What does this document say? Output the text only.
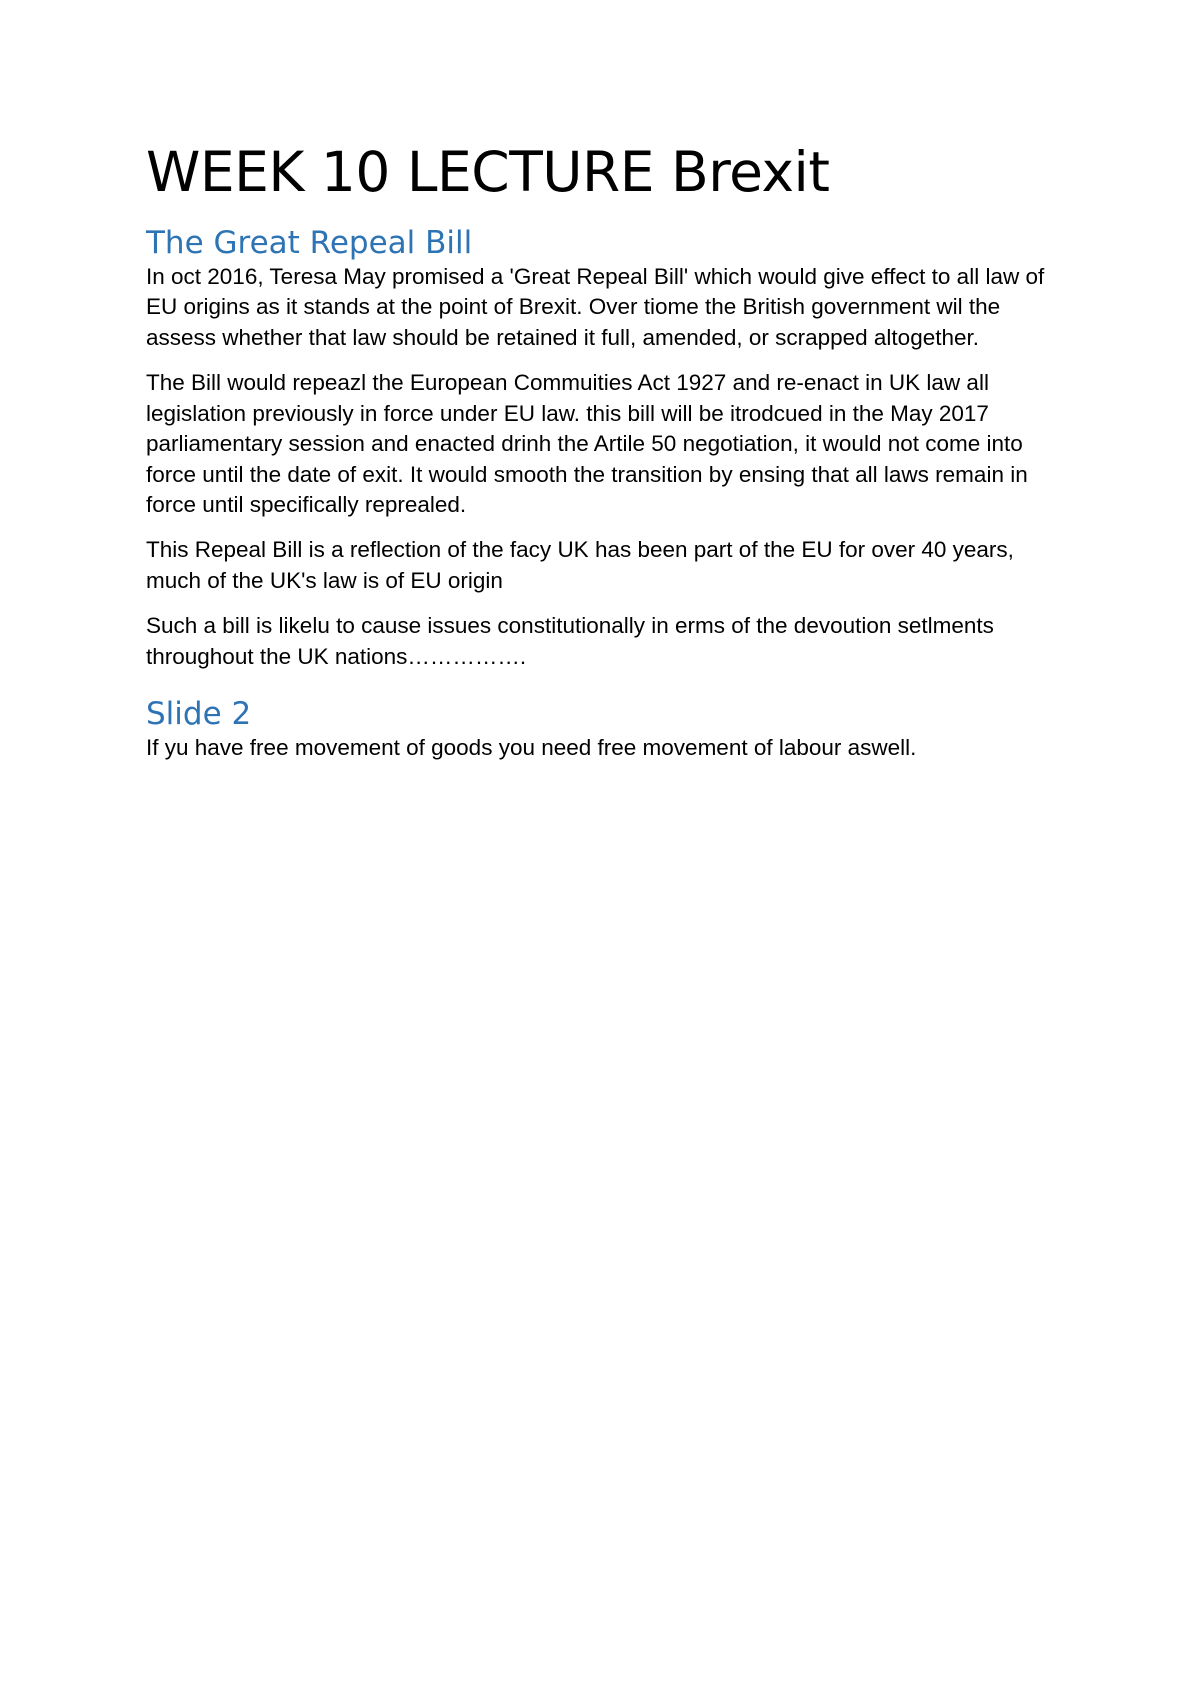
WEEK 10 LECTURE Brexit
The Great Repeal Bill

In oct 2016, Teresa May promised a 'Great Repeal Bill' which would give effect to all law of EU origins as it stands at the point of Brexit. Over tiome the British government wil the assess whether that law should be retained it full, amended, or scrapped altogether.

The Bill would repeazl the European Commuities Act 1927 and re-enact in UK law all legislation previously in force under EU law. this bill will be itrodcued in the May 2017 parliamentary session and enacted drinh the Artile 50 negotiation, it would not come into force until the date of exit. It would smooth the transition by ensing that all laws remain in force until specifically reprealed.

This Repeal Bill is a reflection of the facy UK has been part of the EU for over 40 years, much of the UK's law is of EU origin

Such a bill is likelu to cause issues constitutionally in erms of the devoution setlments throughout the UK nations…………….

Slide 2

If yu have free movement of goods you need free movement of labour aswell.
